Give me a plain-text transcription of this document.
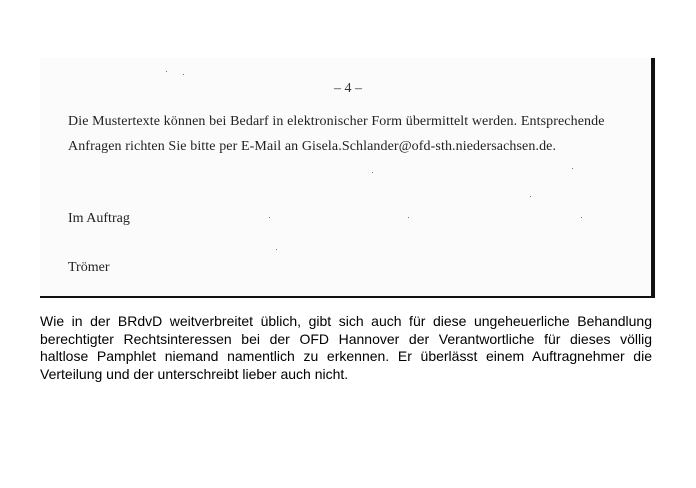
– 4 –
Die Mustertexte können bei Bedarf in elektronischer Form übermittelt werden. Entsprechende
Anfragen richten Sie bitte per E-Mail an Gisela.Schlander@ofd-sth.niedersachsen.de.
Im Auftrag
Trömer
Wie in der BRdvD weitverbreitet üblich, gibt sich auch für diese ungeheuerliche Behandlung
berechtigter Rechtsinteressen bei der OFD Hannover der Verantwortliche für dieses völlig
haltlose Pamphlet niemand namentlich zu erkennen. Er überlässt einem Auftragnehmer die
Verteilung und der unterschreibt lieber auch nicht.
